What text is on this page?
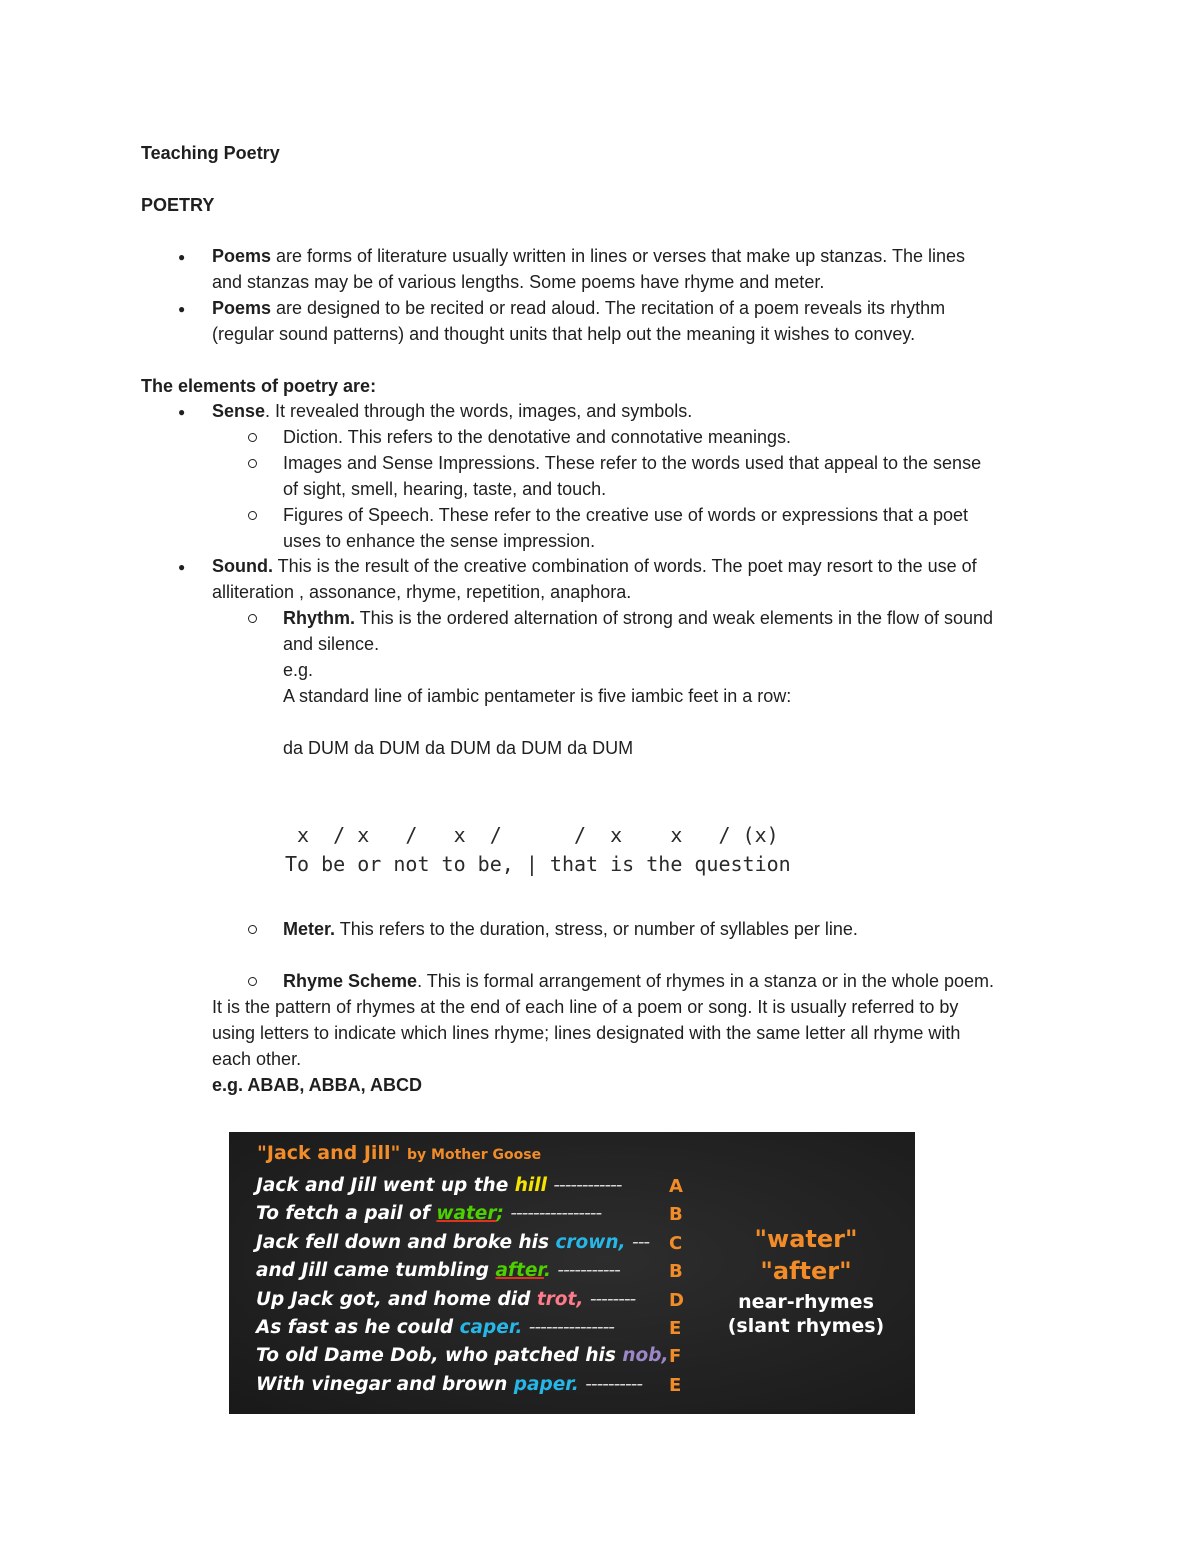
Teaching Poetry
POETRY
● Poems are forms of literature usually written in lines or verses that make up stanzas. The lines
and stanzas may be of various lengths. Some poems have rhyme and meter.
● Poems are designed to be recited or read aloud. The recitation of a poem reveals its rhythm
(regular sound patterns) and thought units that help out the meaning it wishes to convey.
The elements of poetry are:
● Sense. It revealed through the words, images, and symbols.
Diction. This refers to the denotative and connotative meanings.
Images and Sense Impressions. These refer to the words used that appeal to the sense
of sight, smell, hearing, taste, and touch.
Figures of Speech. These refer to the creative use of words or expressions that a poet
uses to enhance the sense impression.
● Sound. This is the result of the creative combination of words. The poet may resort to the use of
alliteration , assonance, rhyme, repetition, anaphora.
Rhythm. This is the ordered alternation of strong and weak elements in the flow of sound
and silence.
e.g.
A standard line of iambic pentameter is five iambic feet in a row:
da DUM da DUM da DUM da DUM da DUM
x  / x   /   x  /      /  x    x   / (x)
To be or not to be, | that is the question
Meter. This refers to the duration, stress, or number of syllables per line.
Rhyme Scheme. This is formal arrangement of rhymes in a stanza or in the whole poem.
It is the pattern of rhymes at the end of each line of a poem or song. It is usually referred to by
using letters to indicate which lines rhyme; lines designated with the same letter all rhyme with
each other.
e.g. ABAB, ABBA, ABCD
"Jack and Jill" by Mother Goose
Jack and Jill went up the hill ------------
To fetch a pail of water; ----------------
Jack fell down and broke his crown, ---
and Jill came tumbling after. -----------
Up Jack got, and home did trot, --------
As fast as he could caper. ---------------
To old Dame Dob, who patched his nob,
With vinegar and brown paper. ----------
"water"
"after"
near-rhymes
(slant rhymes)
A
B
C
B
D
E
F
E
